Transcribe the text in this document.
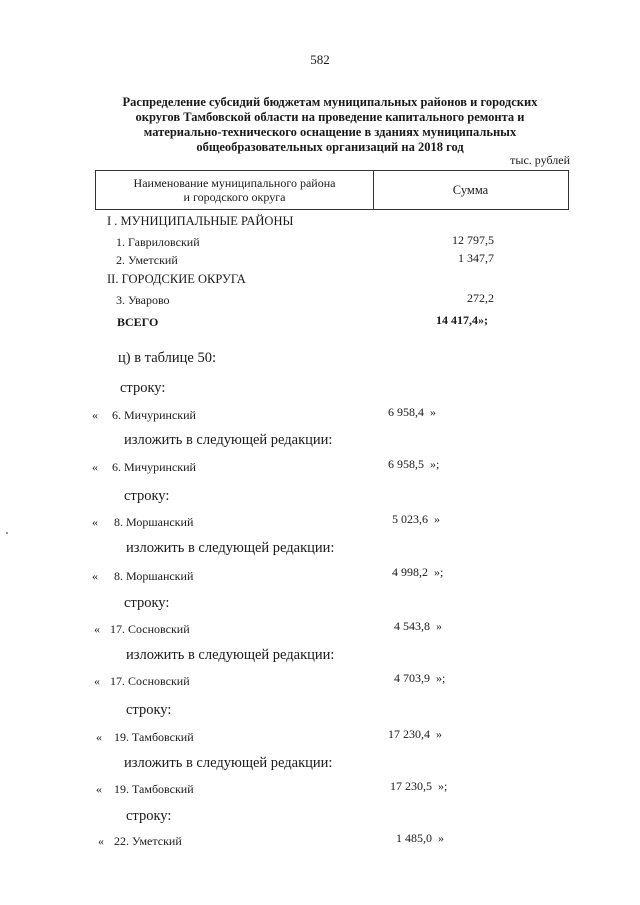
582
Распределение субсидий бюджетам муниципальных районов и городских округов Тамбовской области на проведение капитального ремонта и материально-технического оснащение в зданиях муниципальных общеобразовательных организаций на 2018 год
тыс. рублей
Наименование муниципального района
и городского округа
Сумма
I . МУНИЦИПАЛЬНЫЕ РАЙОНЫ
1. Гавриловский	12 797,5
2. Уметский	1 347,7
II. ГОРОДСКИЕ ОКРУГА
3. Уварово	272,2
ВСЕГО	14 417,4»;
ц) в таблице 50:
строку:
« 6. Мичуринский	6 958,4 »
изложить в следующей редакции:
« 6. Мичуринский	6 958,5 »;
строку:
« 8. Моршанский	5 023,6 »
изложить в следующей редакции:
« 8. Моршанский	4 998,2 »;
строку:
« 17. Сосновский	4 543,8 »
изложить в следующей редакции:
« 17. Сосновский	4 703,9 »;
строку:
« 19. Тамбовский	17 230,4 »
изложить в следующей редакции:
« 19. Тамбовский	17 230,5 »;
строку:
« 22. Уметский	1 485,0 »
